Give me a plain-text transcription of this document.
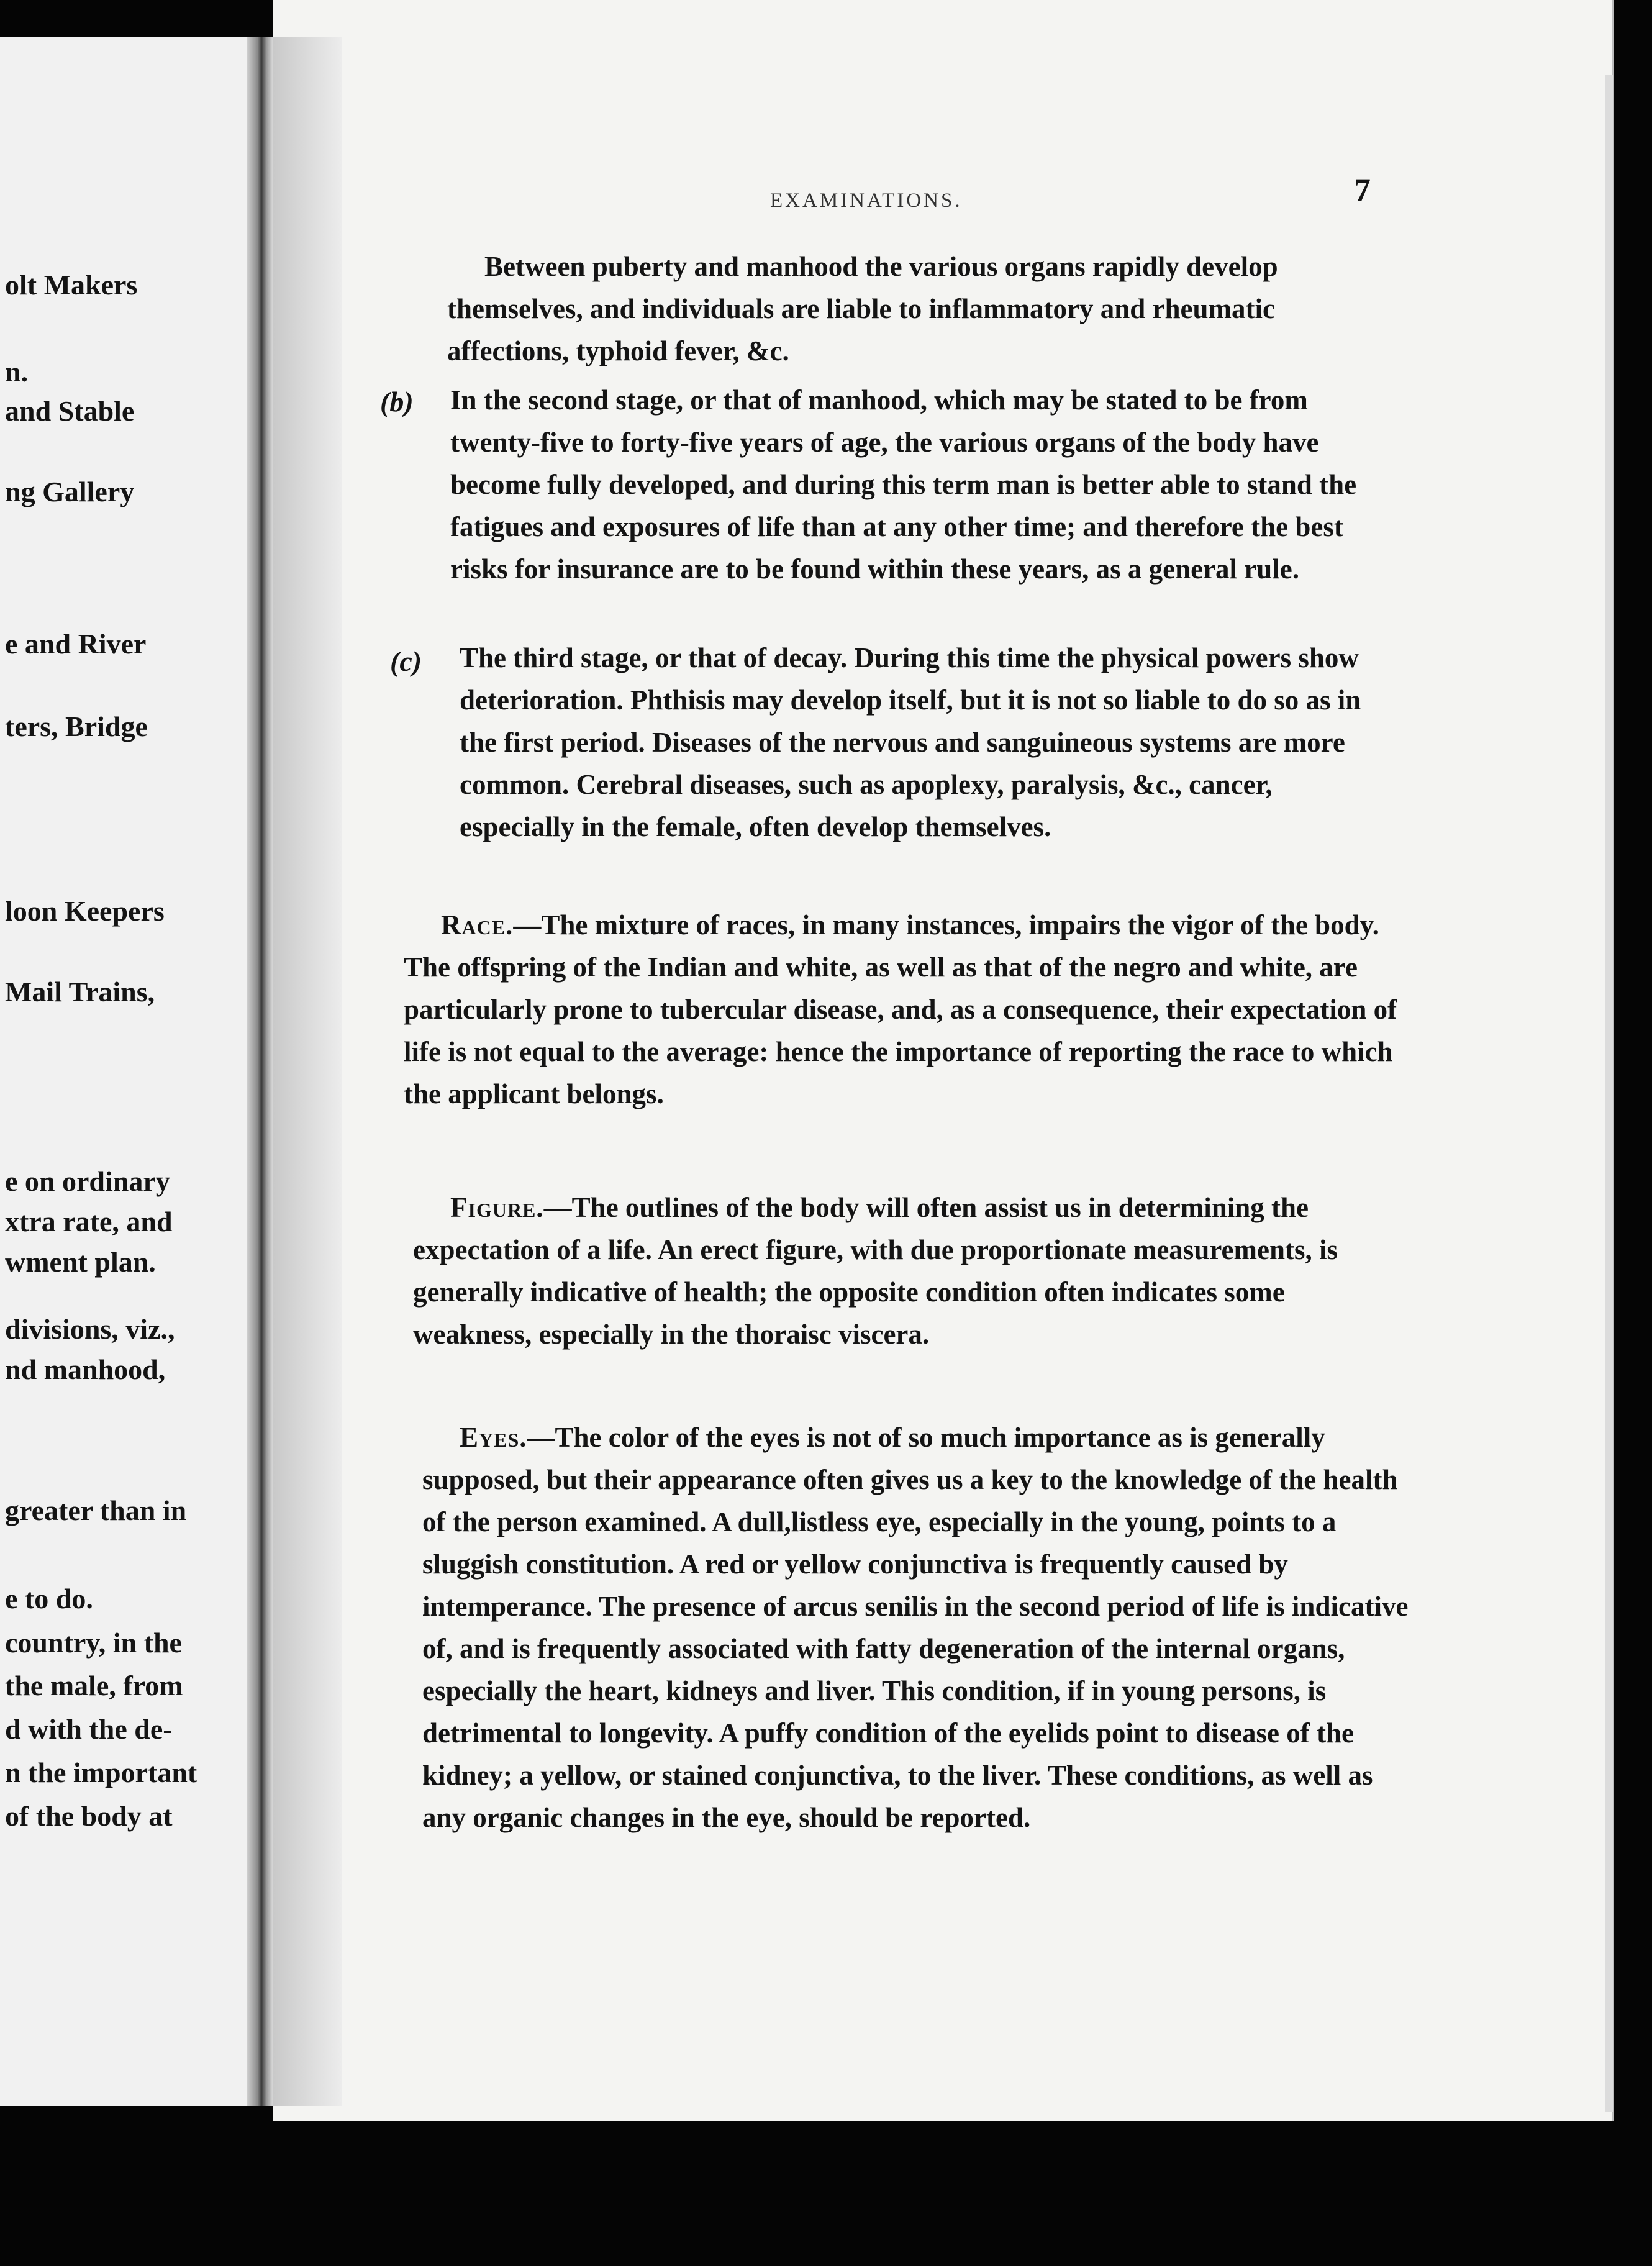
olt Makers
n.
and Stable
ng Gallery
e and River
ters, Bridge
loon Keepers
Mail Trains,
e on ordinary
xtra rate, and
wment plan.
divisions, viz.,
nd manhood,
greater than in
e to do.
country, in the
the male, from
d with the de-
n the important
of the body at
EXAMINATIONS.	7

Between puberty and manhood the various organs rapidly develop themselves, and individuals are liable to inflammatory and rheumatic affections, typhoid fever, &c.

(b) In the second stage, or that of manhood, which may be stated to be from twenty-five to forty-five years of age, the various organs of the body have become fully developed, and during this term man is better able to stand the fatigues and exposures of life than at any other time; and therefore the best risks for insurance are to be found within these years, as a general rule.

(c) The third stage, or that of decay. During this time the physical powers show deterioration. Phthisis may develop itself, but it is not so liable to do so as in the first period. Diseases of the nervous and sanguineous systems are more common. Cerebral diseases, such as apoplexy, paralysis, &c., cancer, especially in the female, often develop themselves.

Race.—The mixture of races, in many instances, impairs the vigor of the body. The offspring of the Indian and white, as well as that of the negro and white, are particularly prone to tubercular disease, and, as a consequence, their expectation of life is not equal to the average: hence the importance of reporting the race to which the applicant belongs.

Figure.—The outlines of the body will often assist us in determining the expectation of a life. An erect figure, with due proportionate measurements, is generally indicative of health; the opposite condition often indicates some weakness, especially in the thoraisc viscera.

Eyes.—The color of the eyes is not of so much importance as is generally supposed, but their appearance often gives us a key to the knowledge of the health of the person examined. A dull,listless eye, especially in the young, points to a sluggish constitution. A red or yellow conjunctiva is frequently caused by intemperance. The presence of arcus senilis in the second period of life is indicative of, and is frequently associated with fatty degeneration of the internal organs, especially the heart, kidneys and liver. This condition, if in young persons, is detrimental to longevity. A puffy condition of the eyelids point to disease of the kidney; a yellow, or stained conjunctiva, to the liver. These conditions, as well as any organic changes in the eye, should be reported.
